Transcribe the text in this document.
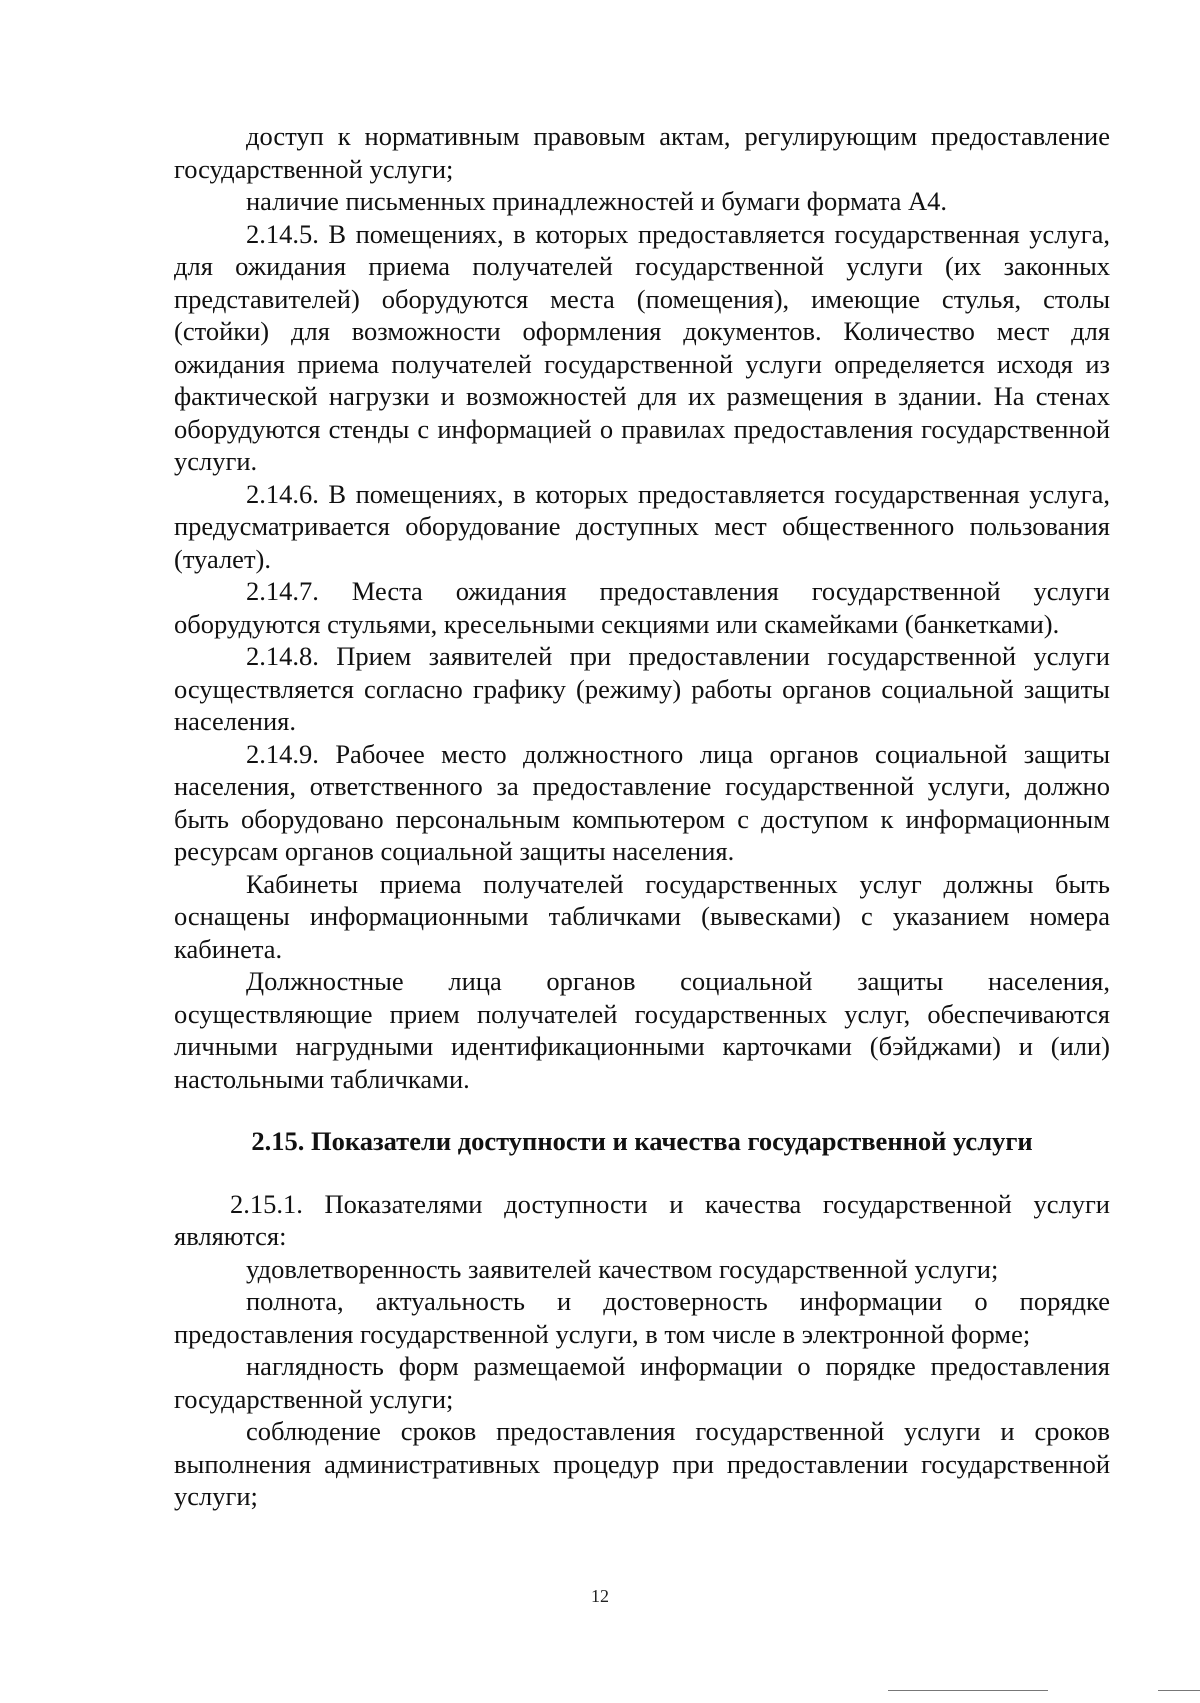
доступ к нормативным правовым актам, регулирующим предоставление государственной услуги;

наличие письменных принадлежностей и бумаги формата А4.

2.14.5. В помещениях, в которых предоставляется государственная услуга, для ожидания приема получателей государственной услуги (их законных представителей) оборудуются места (помещения), имеющие стулья, столы (стойки) для возможности оформления документов. Количество мест для ожидания приема получателей государственной услуги определяется исходя из фактической нагрузки и возможностей для их размещения в здании. На стенах оборудуются стенды с информацией о правилах предоставления государственной услуги.

2.14.6. В помещениях, в которых предоставляется государственная услуга, предусматривается оборудование доступных мест общественного пользования (туалет).

2.14.7. Места ожидания предоставления государственной услуги оборудуются стульями, кресельными секциями или скамейками (банкетками).

2.14.8. Прием заявителей при предоставлении государственной услуги осуществляется согласно графику (режиму) работы органов социальной защиты населения.

2.14.9. Рабочее место должностного лица органов социальной защиты населения, ответственного за предоставление государственной услуги, должно быть оборудовано персональным компьютером с доступом к информационным ресурсам органов социальной защиты населения.

Кабинеты приема получателей государственных услуг должны быть оснащены информационными табличками (вывесками) с указанием номера кабинета.

Должностные лица органов социальной защиты населения, осуществляющие прием получателей государственных услуг, обеспечиваются личными нагрудными идентификационными карточками (бэйджами) и (или) настольными табличками.

2.15. Показатели доступности и качества государственной услуги

2.15.1. Показателями доступности и качества государственной услуги являются:

удовлетворенность заявителей качеством государственной услуги;

полнота, актуальность и достоверность информации о порядке предоставления государственной услуги, в том числе в электронной форме;

наглядность форм размещаемой информации о порядке предоставления государственной услуги;

соблюдение сроков предоставления государственной услуги и сроков выполнения административных процедур при предоставлении государственной услуги;

12
